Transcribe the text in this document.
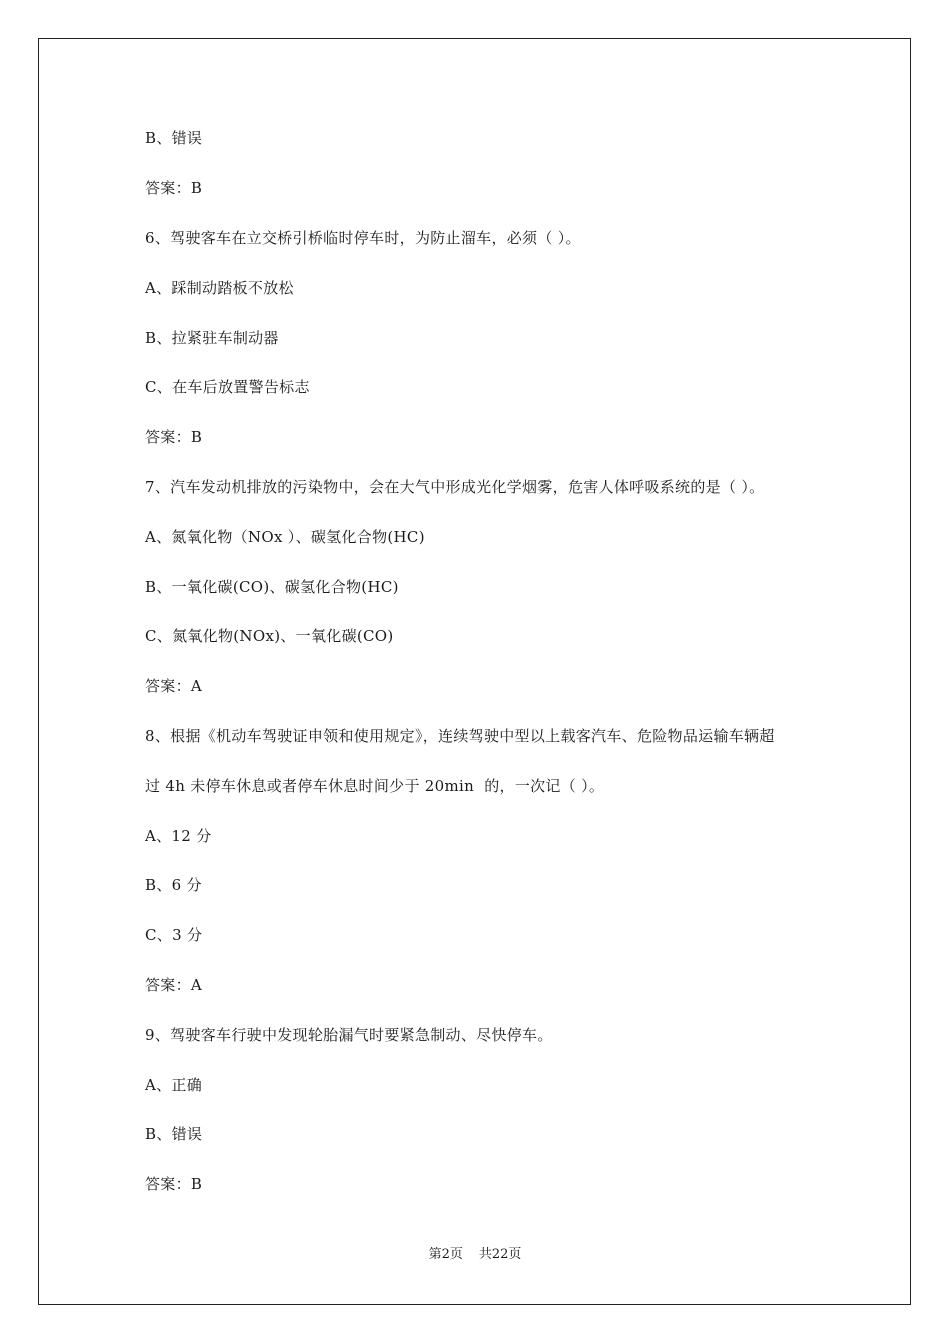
B、错误
答案：B
6、驾驶客车在立交桥引桥临时停车时，为防止溜车，必须（ ）。
A、踩制动踏板不放松
B、拉紧驻车制动器
C、在车后放置警告标志
答案：B
7、汽车发动机排放的污染物中，会在大气中形成光化学烟雾，危害人体呼吸系统的是（ ）。
A、氮氧化物（NOx ）、碳氢化合物(HC)
B、一氧化碳(CO)、碳氢化合物(HC)
C、氮氧化物(NOx)、一氧化碳(CO)
答案：A
8、根据《机动车驾驶证申领和使用规定》，连续驾驶中型以上载客汽车、危险物品运输车辆超
过 4h 未停车休息或者停车休息时间少于 20min  的，一次记（ ）。
A、12 分
B、6 分
C、3 分
答案：A
9、驾驶客车行驶中发现轮胎漏气时要紧急制动、尽快停车。
A、正确
B、错误
答案：B
第2页 共22页
